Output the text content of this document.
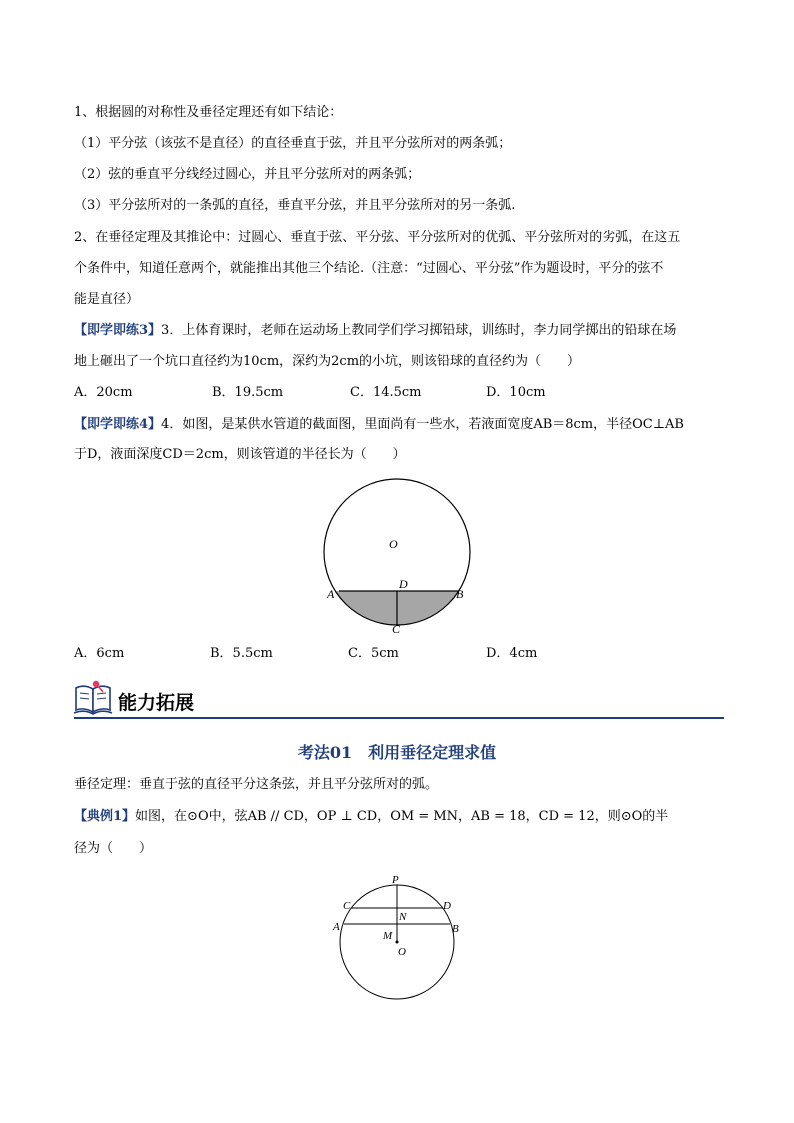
1、根据圆的对称性及垂径定理还有如下结论：
（1）平分弦（该弦不是直径）的直径垂直于弦，并且平分弦所对的两条弧；
（2）弦的垂直平分线经过圆心，并且平分弦所对的两条弧；
（3）平分弦所对的一条弧的直径，垂直平分弦，并且平分弦所对的另一条弧.
2、在垂径定理及其推论中：过圆心、垂直于弦、平分弦、平分弦所对的优弧、平分弦所对的劣弧，在这五
个条件中，知道任意两个，就能推出其他三个结论.（注意：“过圆心、平分弦”作为题设时，平分的弦不
能是直径）
【即学即练3】3．上体育课时，老师在运动场上教同学们学习掷铅球，训练时，李力同学掷出的铅球在场
地上砸出了一个坑口直径约为10cm，深约为2cm的小坑，则该铅球的直径约为（　　）
A．20cm	B．19.5cm	C．14.5cm	D．10cm
【即学即练4】4．如图，是某供水管道的截面图，里面尚有一些水，若液面宽度AB＝8cm，半径OC⊥AB
于D，液面深度CD＝2cm，则该管道的半径长为（　　）
O
D
A	B
C
A．6cm	B．5.5cm	C．5cm	D．4cm
能力拓展
考法01　利用垂径定理求值
垂径定理：垂直于弦的直径平分这条弦，并且平分弦所对的弧。
【典例1】如图，在⊙O中，弦AB // CD，OP ⊥ CD，OM = MN，AB = 18，CD = 12，则⊙O的半
径为（　　）
P
C	D
N
A	B
M
O
